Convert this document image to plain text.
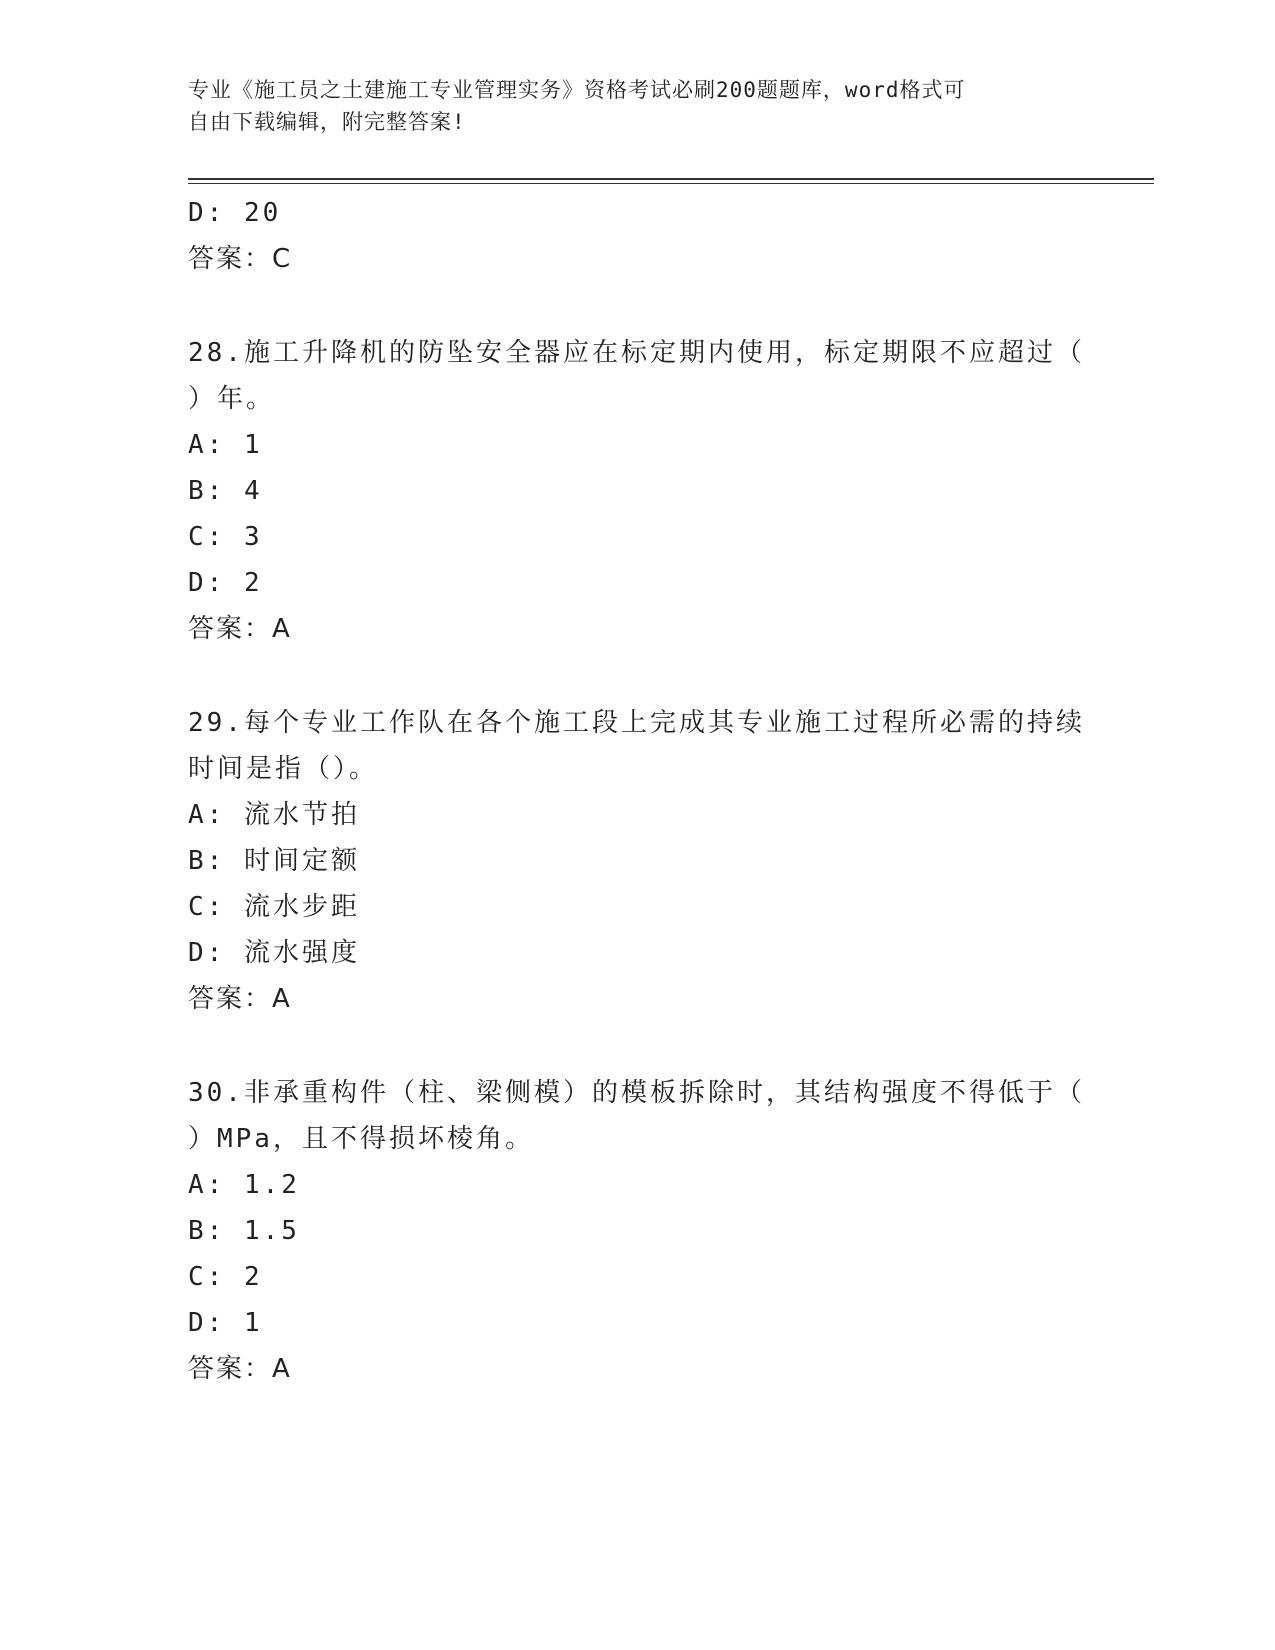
专业《施工员之土建施工专业管理实务》资格考试必刷200题题库，word格式可
自由下载编辑，附完整答案!
D: 20
答案：C
28.施工升降机的防坠安全器应在标定期内使用，标定期限不应超过（
）年。
A: 1
B: 4
C: 3
D: 2
答案：A
29.每个专业工作队在各个施工段上完成其专业施工过程所必需的持续
时间是指（）。
A: 流水节拍
B: 时间定额
C: 流水步距
D: 流水强度
答案：A
30.非承重构件（柱、梁侧模）的模板拆除时，其结构强度不得低于（
）MPa，且不得损坏棱角。
A: 1.2
B: 1.5
C: 2
D: 1
答案：A
